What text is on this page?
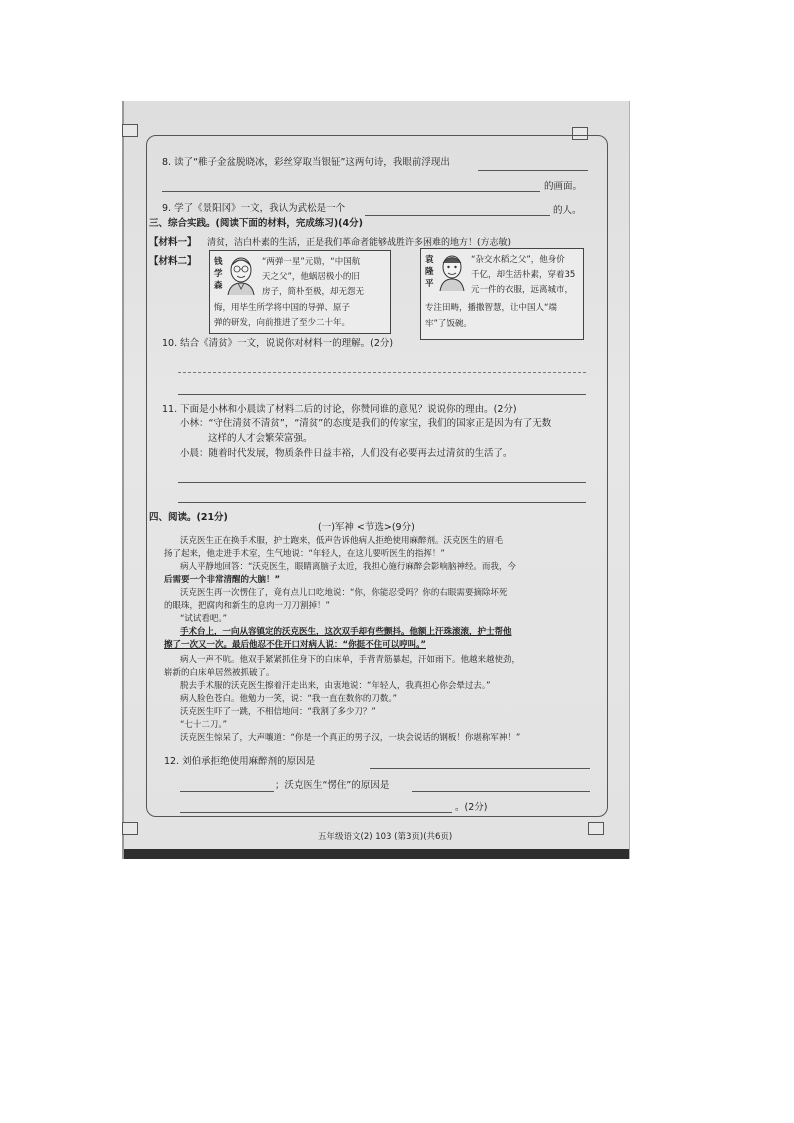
8. 读了“稚子金盆脱晓冰，彩丝穿取当银钲”这两句诗，我眼前浮现出
的画面。
9. 学了《景阳冈》一文，我认为武松是一个	的人。
三、综合实践。(阅读下面的材料，完成练习)(4分)
【材料一】 清贫，洁白朴素的生活，正是我们革命者能够战胜许多困难的地方！(方志敏)
【材料二】 钱
学
森
“两弹一星”元勋，“中国航
天之父”，他蜗居极小的旧
房子，简朴至极，却无怨无
悔，用毕生所学将中国的导弹、原子
弹的研发，向前推进了至少二十年。
袁
隆
平
“杂交水稻之父”，他身价
千亿，却生活朴素，穿着35
元一件的衣服，远离城市，
专注田畴，播撒智慧，让中国人“端
牢”了饭碗。
10. 结合《清贫》一文，说说你对材料一的理解。(2分)
11. 下面是小林和小晨读了材料二后的讨论，你赞同谁的意见？说说你的理由。(2分)
小林：“守住清贫不清贫”，“清贫”的态度是我们的传家宝，我们的国家正是因为有了无数
这样的人才会繁荣富强。
小晨：随着时代发展，物质条件日益丰裕，人们没有必要再去过清贫的生活了。
四、阅读。(21分)
(一)军神 <节选>(9分)
沃克医生正在换手术服，护士跑来，低声告诉他病人拒绝使用麻醉剂。沃克医生的眉毛
扬了起来，他走进手术室，生气地说：“年轻人，在这儿要听医生的指挥！”
病人平静地回答：“沃克医生，眼睛离脑子太近，我担心施行麻醉会影响脑神经。而我，今
后需要一个非常清醒的大脑！”
沃克医生再一次愣住了，竟有点儿口吃地说：“你，你能忍受吗？你的右眼需要摘除坏死
的眼珠，把腐肉和新生的息肉一刀刀割掉！”
“试试看吧。”
手术台上，一向从容镇定的沃克医生，这次双手却有些颤抖。他额上汗珠滚滚，护士帮他
擦了一次又一次。最后他忍不住开口对病人说：“你挺不住可以哼叫。”
病人一声不吭。他双手紧紧抓住身下的白床单，手背青筋暴起，汗如雨下。他越来越使劲，
崭新的白床单居然被抓破了。
脱去手术服的沃克医生擦着汗走出来，由衷地说：“年轻人，我真担心你会晕过去。”
病人脸色苍白。他勉力一笑，说：“我一直在数你的刀数。”
沃克医生吓了一跳，不相信地问：“我割了多少刀？”
“七十二刀。”
沃克医生惊呆了，大声嚷道：“你是一个真正的男子汉，一块会说话的钢板！你堪称军神！”
12. 刘伯承拒绝使用麻醉剂的原因是
；沃克医生“愣住”的原因是
。(2分)
五年级语文(2) 103 (第3页)(共6页)
